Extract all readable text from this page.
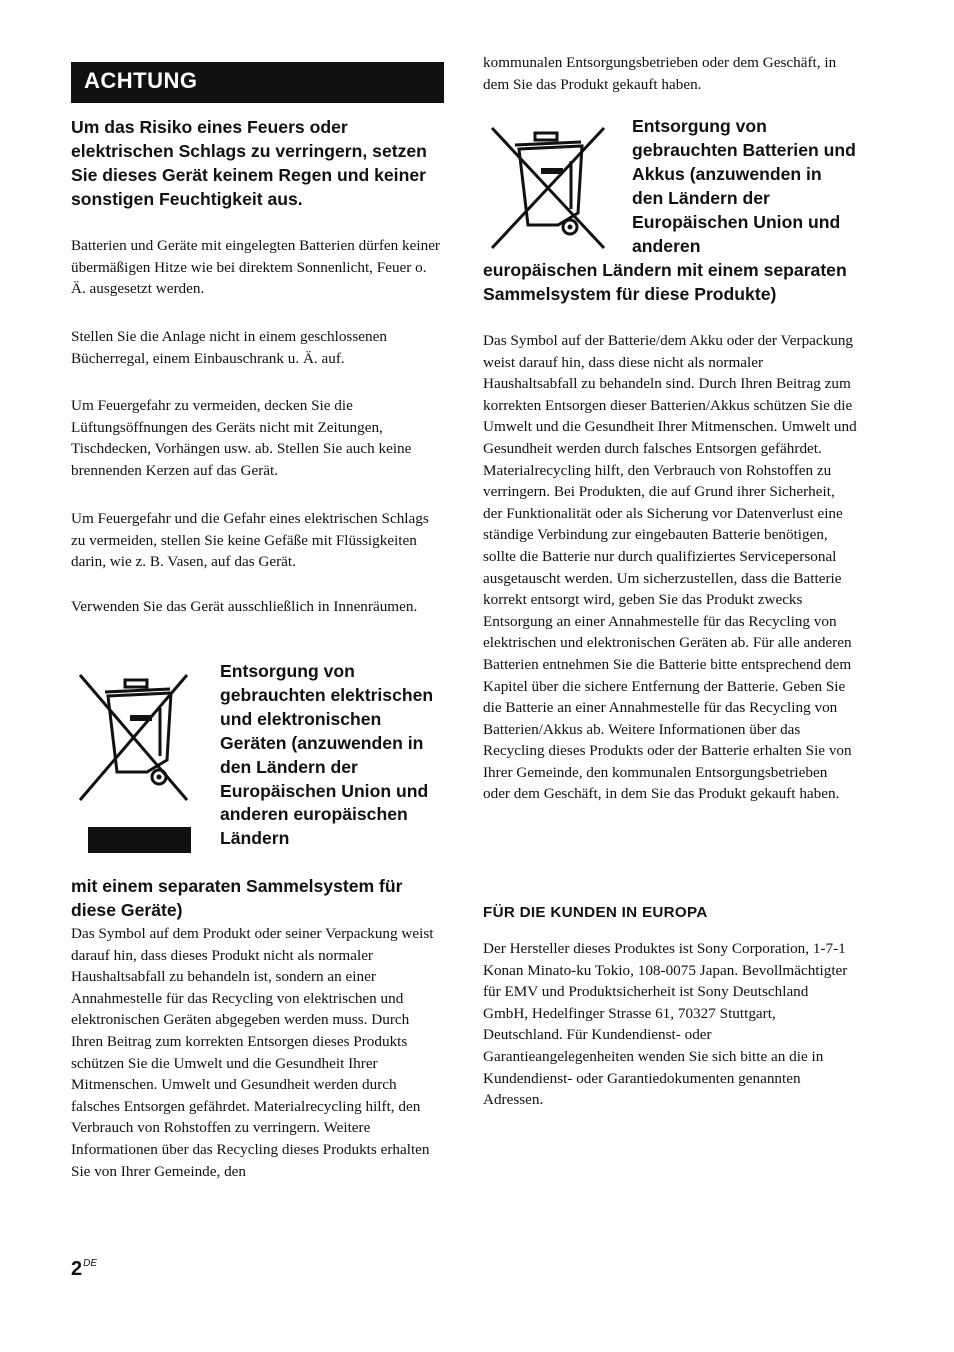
ACHTUNG
Um das Risiko eines Feuers oder elektrischen Schlags zu verringern, setzen Sie dieses Gerät keinem Regen und keiner sonstigen Feuchtigkeit aus.

Batterien und Geräte mit eingelegten Batterien dürfen keiner übermäßigen Hitze wie bei direktem Sonnenlicht, Feuer o. Ä. ausgesetzt werden.

Stellen Sie die Anlage nicht in einem geschlossenen Bücherregal, einem Einbauschrank u. Ä. auf.

Um Feuergefahr zu vermeiden, decken Sie die Lüftungsöffnungen des Geräts nicht mit Zeitungen, Tischdecken, Vorhängen usw. ab. Stellen Sie auch keine brennenden Kerzen auf das Gerät.

Um Feuergefahr und die Gefahr eines elektrischen Schlags zu vermeiden, stellen Sie keine Gefäße mit Flüssigkeiten darin, wie z. B. Vasen, auf das Gerät.

Verwenden Sie das Gerät ausschließlich in Innenräumen.

Entsorgung von gebrauchten elektrischen und elektronischen Geräten (anzuwenden in den Ländern der Europäischen Union und anderen europäischen Ländern
mit einem separaten Sammelsystem für diese Geräte)

Das Symbol auf dem Produkt oder seiner Verpackung weist darauf hin, dass dieses Produkt nicht als normaler Haushaltsabfall zu behandeln ist, sondern an einer Annahmestelle für das Recycling von elektrischen und elektronischen Geräten abgegeben werden muss. Durch Ihren Beitrag zum korrekten Entsorgen dieses Produkts schützen Sie die Umwelt und die Gesundheit Ihrer Mitmenschen. Umwelt und Gesundheit werden durch falsches Entsorgen gefährdet. Materialrecycling hilft, den Verbrauch von Rohstoffen zu verringern. Weitere Informationen über das Recycling dieses Produkts erhalten Sie von Ihrer Gemeinde, den

kommunalen Entsorgungsbetrieben oder dem Geschäft, in dem Sie das Produkt gekauft haben.

Entsorgung von gebrauchten Batterien und Akkus (anzuwenden in den Ländern der Europäischen Union und anderen
europäischen Ländern mit einem separaten Sammelsystem für diese Produkte)

Das Symbol auf der Batterie/dem Akku oder der Verpackung weist darauf hin, dass diese nicht als normaler Haushaltsabfall zu behandeln sind. Durch Ihren Beitrag zum korrekten Entsorgen dieser Batterien/Akkus schützen Sie die Umwelt und die Gesundheit Ihrer Mitmenschen. Umwelt und Gesundheit werden durch falsches Entsorgen gefährdet. Materialrecycling hilft, den Verbrauch von Rohstoffen zu verringern. Bei Produkten, die auf Grund ihrer Sicherheit, der Funktionalität oder als Sicherung vor Datenverlust eine ständige Verbindung zur eingebauten Batterie benötigen, sollte die Batterie nur durch qualifiziertes Servicepersonal ausgetauscht werden. Um sicherzustellen, dass die Batterie korrekt entsorgt wird, geben Sie das Produkt zwecks Entsorgung an einer Annahmestelle für das Recycling von elektrischen und elektronischen Geräten ab. Für alle anderen Batterien entnehmen Sie die Batterie bitte entsprechend dem Kapitel über die sichere Entfernung der Batterie. Geben Sie die Batterie an einer Annahmestelle für das Recycling von Batterien/Akkus ab. Weitere Informationen über das Recycling dieses Produkts oder der Batterie erhalten Sie von Ihrer Gemeinde, den kommunalen Entsorgungsbetrieben oder dem Geschäft, in dem Sie das Produkt gekauft haben.

FÜR DIE KUNDEN IN EUROPA

Der Hersteller dieses Produktes ist Sony Corporation, 1-7-1 Konan Minato-ku Tokio, 108-0075 Japan. Bevollmächtigter für EMV und Produktsicherheit ist Sony Deutschland GmbH, Hedelfinger Strasse 61, 70327 Stuttgart, Deutschland. Für Kundendienst- oder Garantieangelegenheiten wenden Sie sich bitte an die in Kundendienst- oder Garantiedokumenten genannten Adressen.

2DE
